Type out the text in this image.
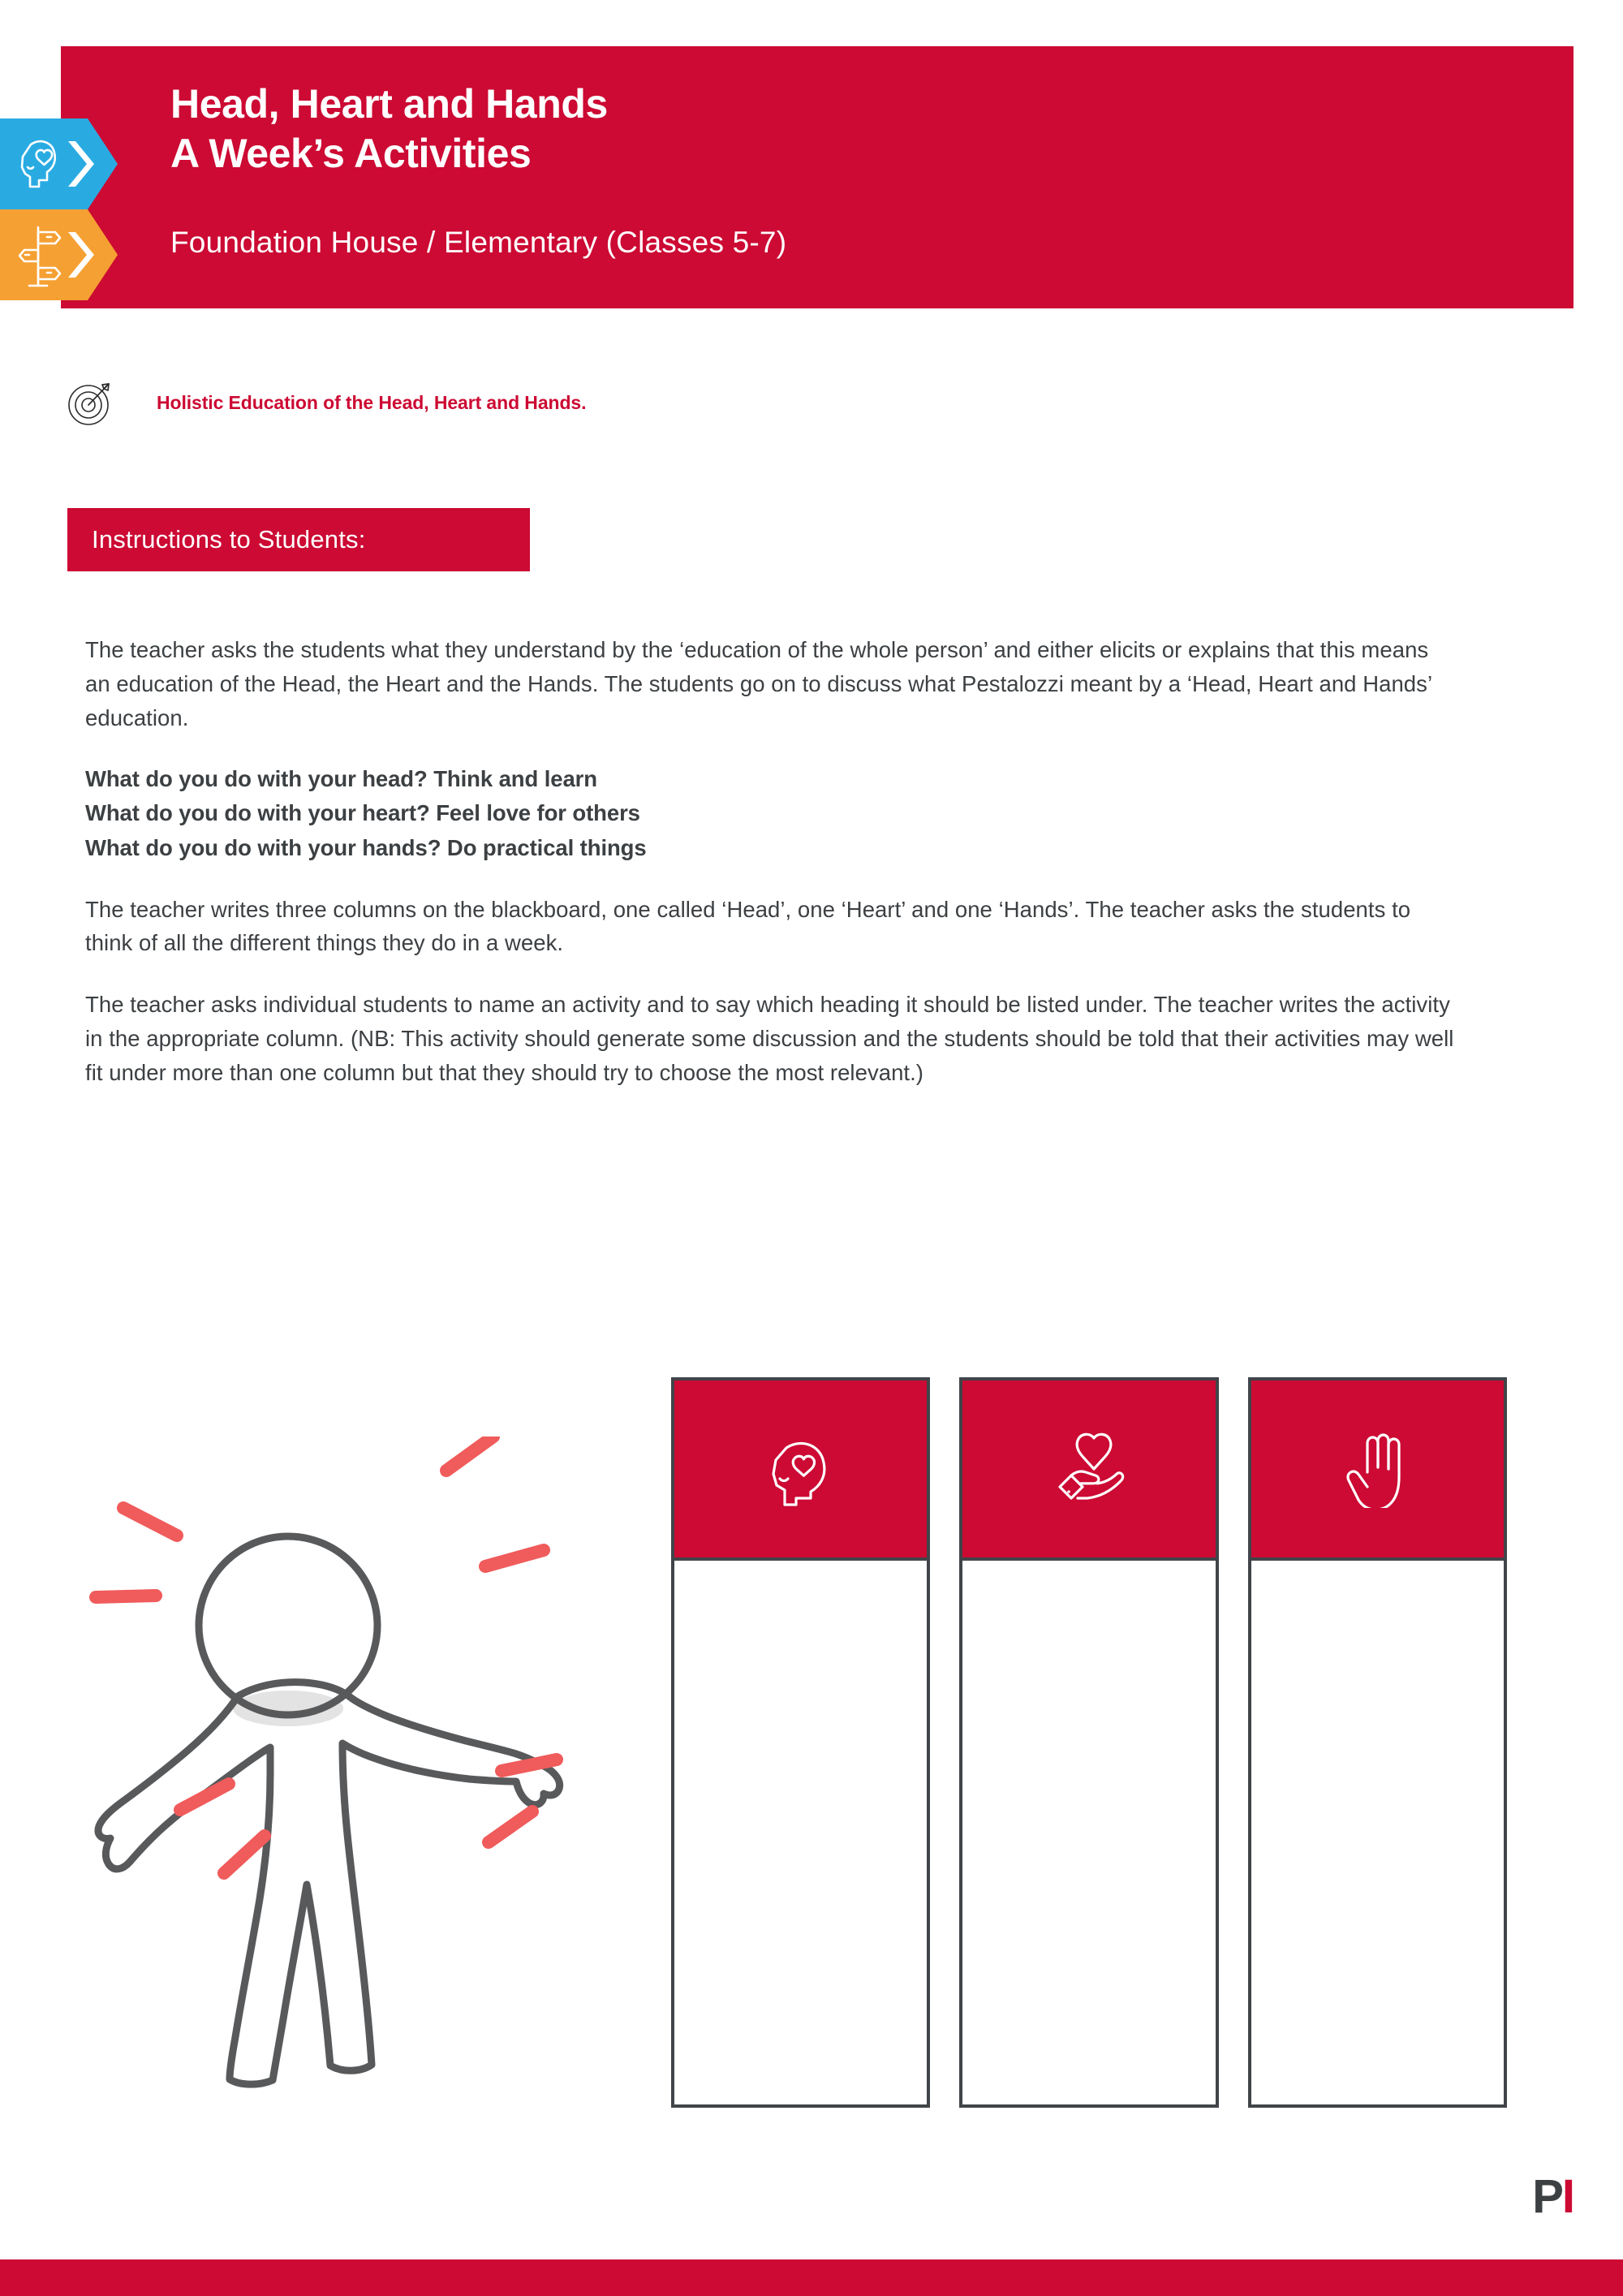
Head, Heart and Hands
A Week’s Activities
Foundation House / Elementary (Classes 5-7)
Holistic Education of the Head, Heart and Hands.
Instructions to Students:

The teacher asks the students what they understand by the ‘education of the whole person’ and either elicits or explains that this means an education of the Head, the Heart and the Hands. The students go on to discuss what Pestalozzi meant by a ‘Head, Heart and Hands’ education.

What do you do with your head? Think and learn
What do you do with your heart? Feel love for others
What do you do with your hands? Do practical things

The teacher writes three columns on the blackboard, one called ‘Head’, one ‘Heart’ and one ‘Hands’. The teacher asks the students to think of all the different things they do in a week.

The teacher asks individual students to name an activity and to say which heading it should be listed under. The teacher writes the activity in the appropriate column. (NB: This activity should generate some discussion and the students should be told that their activities may well fit under more than one column but that they should try to choose the most relevant.)

P I
